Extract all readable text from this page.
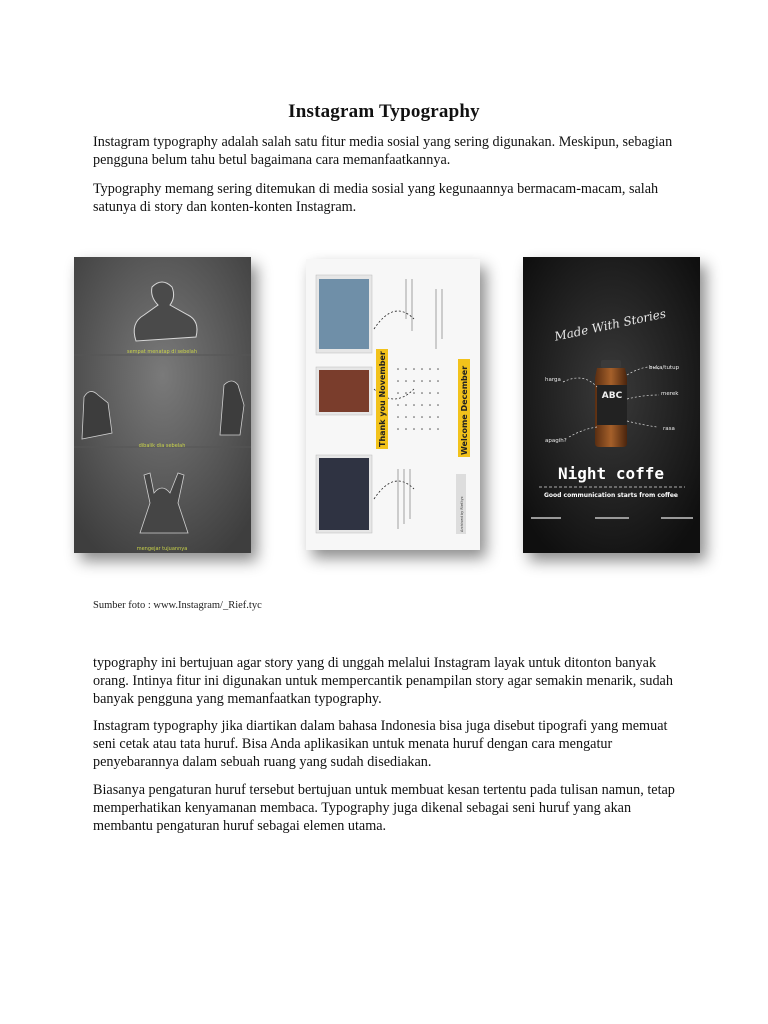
Instagram Typography

Instagram typography adalah salah satu fitur media sosial yang sering digunakan. Meskipun, sebagian pengguna belum tahu betul bagaimana cara memanfaatkannya.

Typography memang sering ditemukan di media sosial yang kegunaannya bermacam-macam, salah satunya di story dan konten-konten Instagram.

sempat menatap di sebelah
dibalik dia sebelah
mengejar tujuannya
Thank you November	Welcome December
Archived by Rief.tyc
Made With Stories
ABC
harga
buka/tutup
merek
rasa
apagih?
Night coffe
Good communication starts from coffee
Sumber foto : www.Instagram/_Rief.tyc

typography ini bertujuan agar story yang di unggah melalui Instagram layak untuk ditonton banyak orang. Intinya fitur ini digunakan untuk mempercantik penampilan story agar semakin menarik, sudah banyak pengguna yang memanfaatkan typography.

Instagram typography jika diartikan dalam bahasa Indonesia bisa juga disebut tipografi yang memuat seni cetak atau tata huruf. Bisa Anda aplikasikan untuk menata huruf dengan cara mengatur penyebarannya dalam sebuah ruang yang sudah disediakan.

Biasanya pengaturan huruf tersebut bertujuan untuk membuat kesan tertentu pada tulisan namun, tetap memperhatikan kenyamanan membaca. Typography juga dikenal sebagai seni huruf yang akan membantu pengaturan huruf sebagai elemen utama.
